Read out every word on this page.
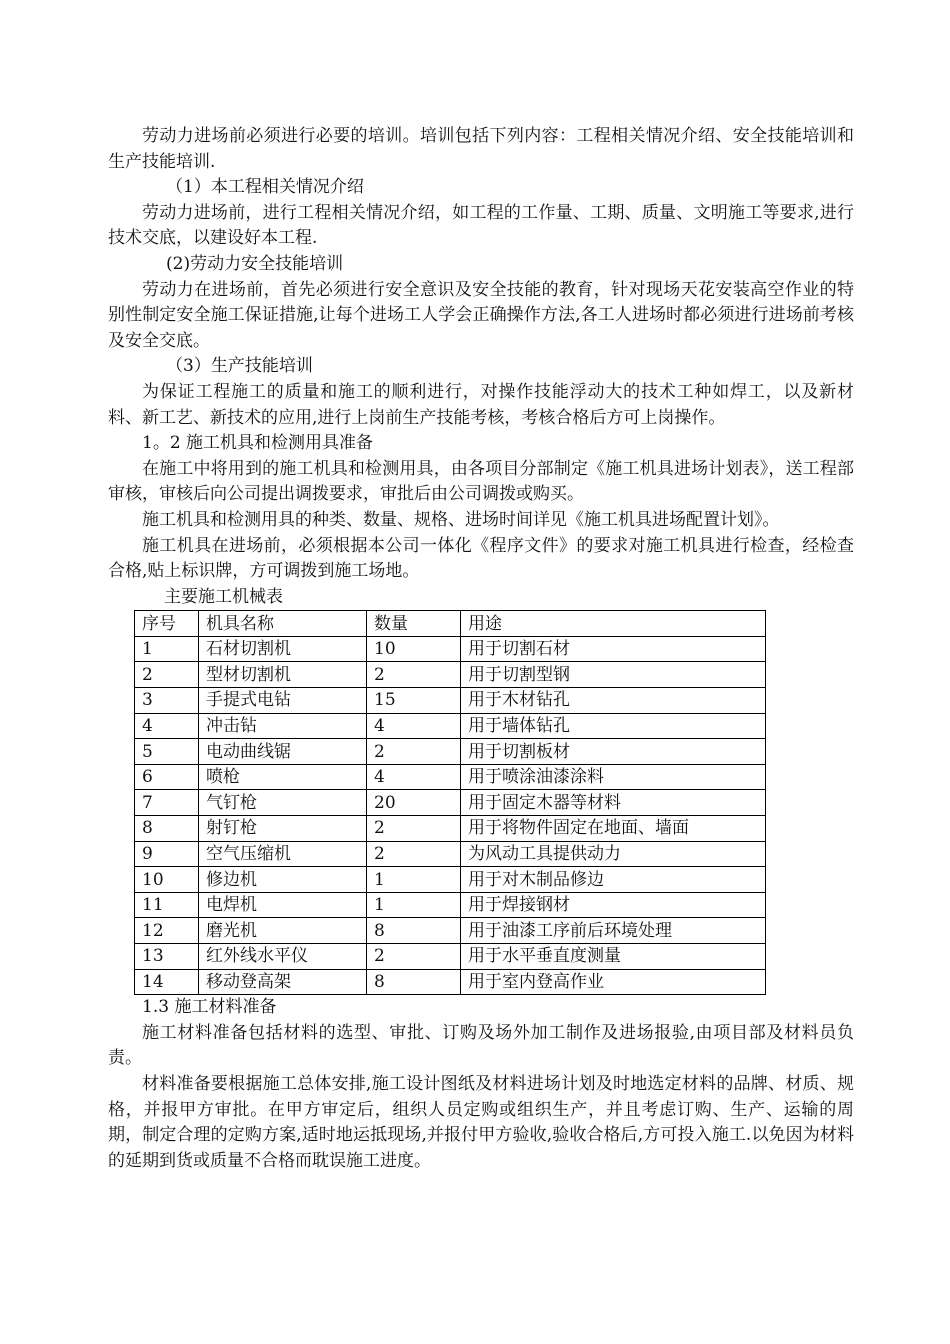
劳动力进场前必须进行必要的培训。培训包括下列内容：工程相关情况介绍、安全技能培训和生产技能培训.

（1）本工程相关情况介绍

劳动力进场前，进行工程相关情况介绍，如工程的工作量、工期、质量、文明施工等要求,进行技术交底，以建设好本工程.

(2)劳动力安全技能培训

劳动力在进场前，首先必须进行安全意识及安全技能的教育，针对现场天花安装高空作业的特别性制定安全施工保证措施,让每个进场工人学会正确操作方法,各工人进场时都必须进行进场前考核及安全交底。

（3）生产技能培训

为保证工程施工的质量和施工的顺利进行，对操作技能浮动大的技术工种如焊工，以及新材料、新工艺、新技术的应用,进行上岗前生产技能考核，考核合格后方可上岗操作。

1。2 施工机具和检测用具准备

在施工中将用到的施工机具和检测用具，由各项目分部制定《施工机具进场计划表》，送工程部审核，审核后向公司提出调拨要求，审批后由公司调拨或购买。

施工机具和检测用具的种类、数量、规格、进场时间详见《施工机具进场配置计划》。

施工机具在进场前，必须根据本公司一体化《程序文件》的要求对施工机具进行检查，经检查合格,贴上标识牌，方可调拨到施工场地。

主要施工机械表

序号	机具名称	数量	用途
1	石材切割机	10	用于切割石材
2	型材切割机	2	用于切割型钢
3	手提式电钻	15	用于木材钻孔
4	冲击钻	4	用于墙体钻孔
5	电动曲线锯	2	用于切割板材
6	喷枪	4	用于喷涂油漆涂料
7	气钉枪	20	用于固定木器等材料
8	射钉枪	2	用于将物件固定在地面、墙面
9	空气压缩机	2	为风动工具提供动力
10	修边机	1	用于对木制品修边
11	电焊机	1	用于焊接钢材
12	磨光机	8	用于油漆工序前后环境处理
13	红外线水平仪	2	用于水平垂直度测量
14	移动登高架	8	用于室内登高作业

1.3 施工材料准备

施工材料准备包括材料的选型、审批、订购及场外加工制作及进场报验,由项目部及材料员负责。

材料准备要根据施工总体安排,施工设计图纸及材料进场计划及时地选定材料的品牌、材质、规格，并报甲方审批。在甲方审定后，组织人员定购或组织生产，并且考虑订购、生产、运输的周期，制定合理的定购方案,适时地运抵现场,并报付甲方验收,验收合格后,方可投入施工.以免因为材料的延期到货或质量不合格而耽误施工进度。
